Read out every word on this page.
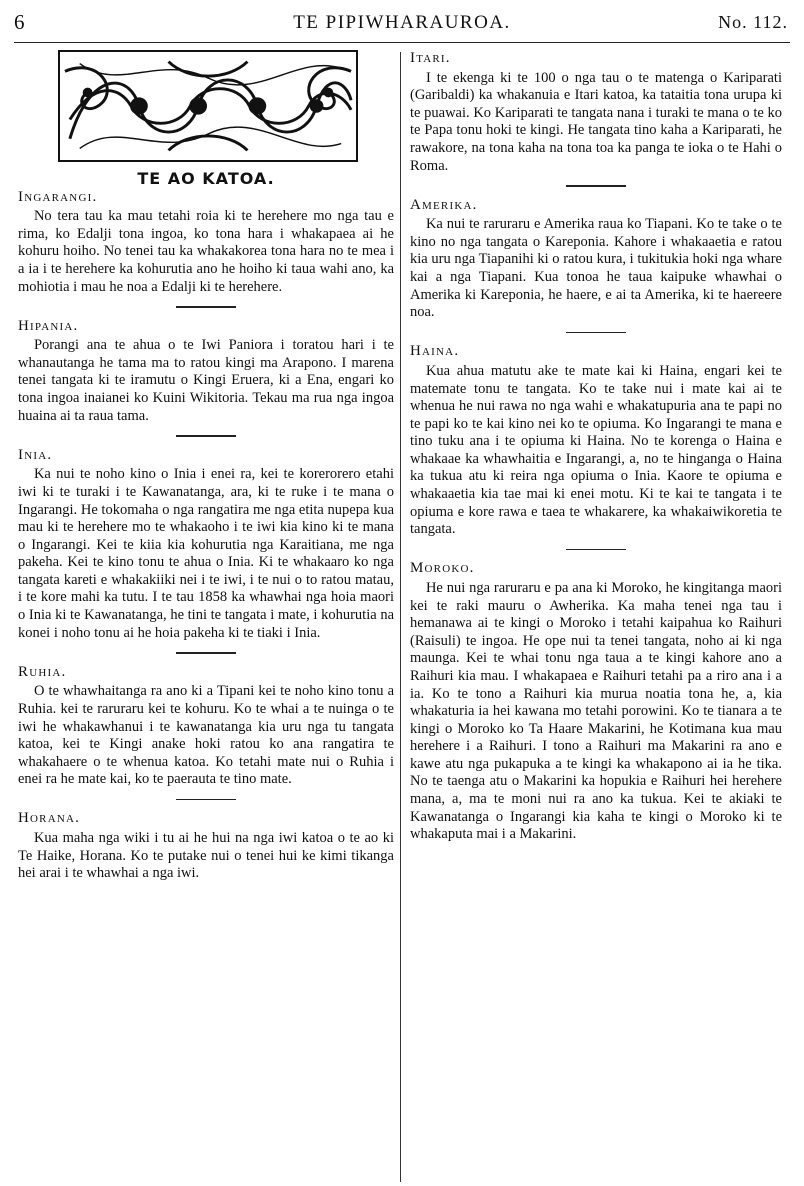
6	TE PIPIWHARAUROA.	No. 112.
TE AO KATOA.

Ingarangi.

No tera tau ka mau tetahi roia ki te herehere mo nga tau e rima, ko Edalji tona ingoa, ko tona hara i whakapaea ai he kohuru hoiho. No tenei tau ka whakakorea tona hara no te mea i a ia i te herehere ka kohurutia ano he hoiho ki taua wahi ano, ka mohiotia i mau he noa a Edalji ki te herehere.

Hipania.

Porangi ana te ahua o te Iwi Paniora i toratou hari i te whanautanga he tama ma to ratou kingi ma Arapono. I marena tenei tangata ki te iramutu o Kingi Eruera, ki a Ena, engari ko tona ingoa inaianei ko Kuini Wikitoria. Tekau ma rua nga ingoa huaina ai ta raua tama.

Inia.

Ka nui te noho kino o Inia i enei ra, kei te korerorero etahi iwi ki te turaki i te Kawanatanga, ara, ki te ruke i te mana o Ingarangi. He tokomaha o nga rangatira me nga etita nupepa kua mau ki te herehere mo te whakaoho i te iwi kia kino ki te mana o Ingarangi. Kei te kiia kia kohurutia nga Karaitiana, me nga pakeha. Kei te kino tonu te ahua o Inia. Ki te whakaaro ko nga tangata kareti e whakakiiki nei i te iwi, i te nui o to ratou matau, i te kore mahi ka tutu. I te tau 1858 ka whawhai nga hoia maori o Inia ki te Kawanatanga, he tini te tangata i mate, i kohurutia na konei i noho tonu ai he hoia pakeha ki te tiaki i Inia.

Ruhia.

O te whawhaitanga ra ano ki a Tipani kei te noho kino tonu a Ruhia. kei te raruraru kei te kohuru. Ko te whai a te nuinga o te iwi he whakawhanui i te kawanatanga kia uru nga tu tangata katoa, kei te Kingi anake hoki ratou ko ana rangatira te whakahaere o te whenua katoa. Ko tetahi mate nui o Ruhia i enei ra he mate kai, ko te paerauta te tino mate.

Horana.

Kua maha nga wiki i tu ai he hui na nga iwi katoa o te ao ki Te Haike, Horana. Ko te putake nui o tenei hui ke kimi tikanga hei arai i te whawhai a nga iwi.

Itari.

I te ekenga ki te 100 o nga tau o te matenga o Kariparati (Garibaldi) ka whakanuia e Itari katoa, ka tataitia tona urupa ki te puawai. Ko Kariparati te tangata nana i turaki te mana o te ko te Papa tonu hoki te kingi. He tangata tino kaha a Kariparati, he rawakore, na tona kaha na tona toa ka panga te ioka o te Hahi o Roma.

Amerika.

Ka nui te raruraru e Amerika raua ko Tiapani. Ko te take o te kino no nga tangata o Kareponia. Kahore i whakaaetia e ratou kia uru nga Tiapanihi ki o ratou kura, i tukitukia hoki nga whare kai a nga Tiapani. Kua tonoa he taua kaipuke whawhai o Amerika ki Kareponia, he haere, e ai ta Amerika, ki te haereere noa.

Haina.

Kua ahua matutu ake te mate kai ki Haina, engari kei te matemate tonu te tangata. Ko te take nui i mate kai ai te whenua he nui rawa no nga wahi e whakatupuria ana te papi no te papi ko te kai kino nei ko te opiuma. Ko Ingarangi te mana e tino tuku ana i te opiuma ki Haina. No te korenga o Haina e whakaae ka whawhaitia e Ingarangi, a, no te hinganga o Haina ka tukua atu ki reira nga opiuma o Inia. Kaore te opiuma e whakaaetia kia tae mai ki enei motu. Ki te kai te tangata i te opiuma e kore rawa e taea te whakarere, ka whakaiwikoretia te tangata.

Moroko.

He nui nga raruraru e pa ana ki Moroko, he kingitanga maori kei te raki mauru o Awherika. Ka maha tenei nga tau i hemanawa ai te kingi o Moroko i tetahi kaipahua ko Raihuri (Raisuli) te ingoa. He ope nui ta tenei tangata, noho ai ki nga maunga. Kei te whai tonu nga taua a te kingi kahore ano a Raihuri kia mau. I whakapaea e Raihuri tetahi pa a riro ana i a ia. Ko te tono a Raihuri kia murua noatia tona he, a, kia whakaturia ia hei kawana mo tetahi porowini. Ko te tianara a te kingi o Moroko ko Ta Haare Makarini, he Kotimana kua mau herehere i a Raihuri. I tono a Raihuri ma Makarini ra ano e kawe atu nga pukapuka a te kingi ka whakapono ai ia he tika. No te taenga atu o Makarini ka hopukia e Raihuri hei herehere mana, a, ma te moni nui ra ano ka tukua. Kei te akiaki te Kawanatanga o Ingarangi kia kaha te kingi o Moroko ki te whakaputa mai i a Makarini.
